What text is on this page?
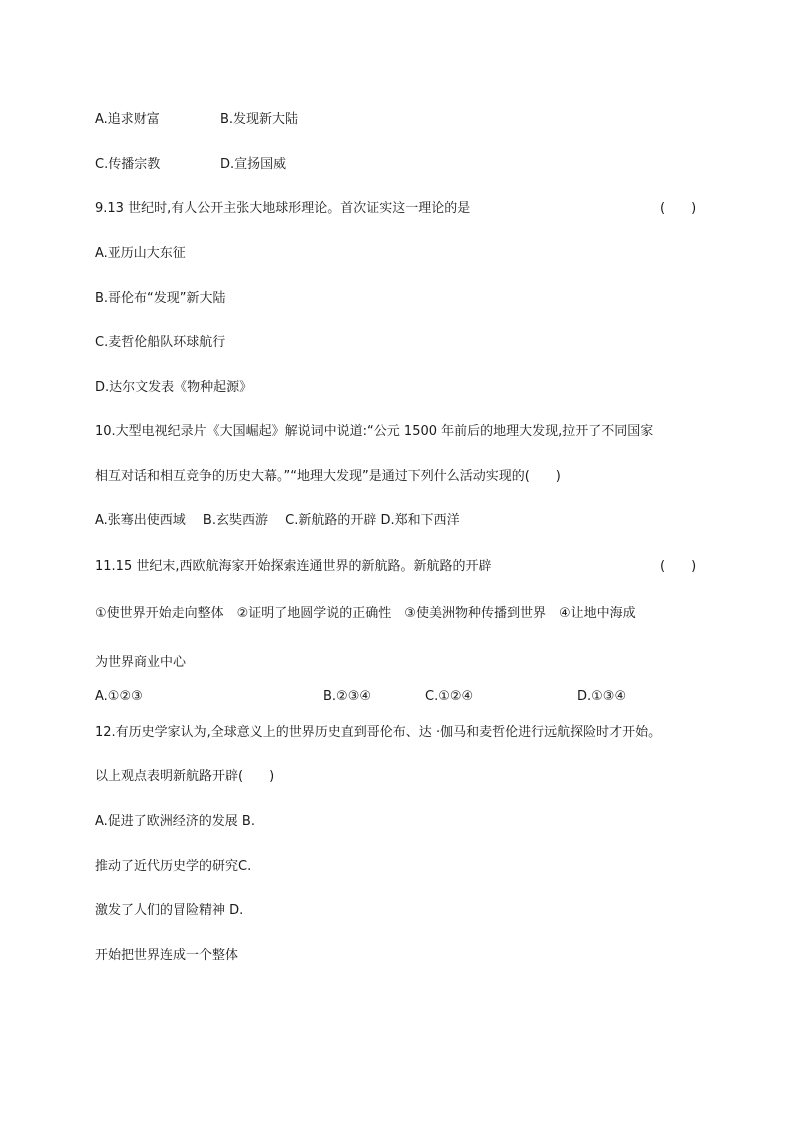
A.追求财富	B.发现新大陆
C.传播宗教	D.宣扬国威
9.13 世纪时,有人公开主张大地球形理论。首次证实这一理论的是	(　　)
A.亚历山大东征
B.哥伦布“发现”新大陆
C.麦哲伦船队环球航行
D.达尔文发表《物种起源》
10.大型电视纪录片《大国崛起》解说词中说道:“公元 1500 年前后的地理大发现,拉开了不同国家
相互对话和相互竞争的历史大幕。”“地理大发现”是通过下列什么活动实现的(　　)
A.张骞出使西域　 B.玄奘西游　 C.新航路的开辟 D.郑和下西洋
11.15 世纪末,西欧航海家开始探索连通世界的新航路。新航路的开辟	(　　)
①使世界开始走向整体　②证明了地圆学说的正确性　③使美洲物种传播到世界　④让地中海成
为世界商业中心
A.①②③	B.②③④	C.①②④	D.①③④
12.有历史学家认为,全球意义上的世界历史直到哥伦布、达 ·伽马和麦哲伦进行远航探险时才开始。
以上观点表明新航路开辟(　　)
A.促进了欧洲经济的发展 B.
推动了近代历史学的研究C.
激发了人们的冒险精神 D.
开始把世界连成一个整体
